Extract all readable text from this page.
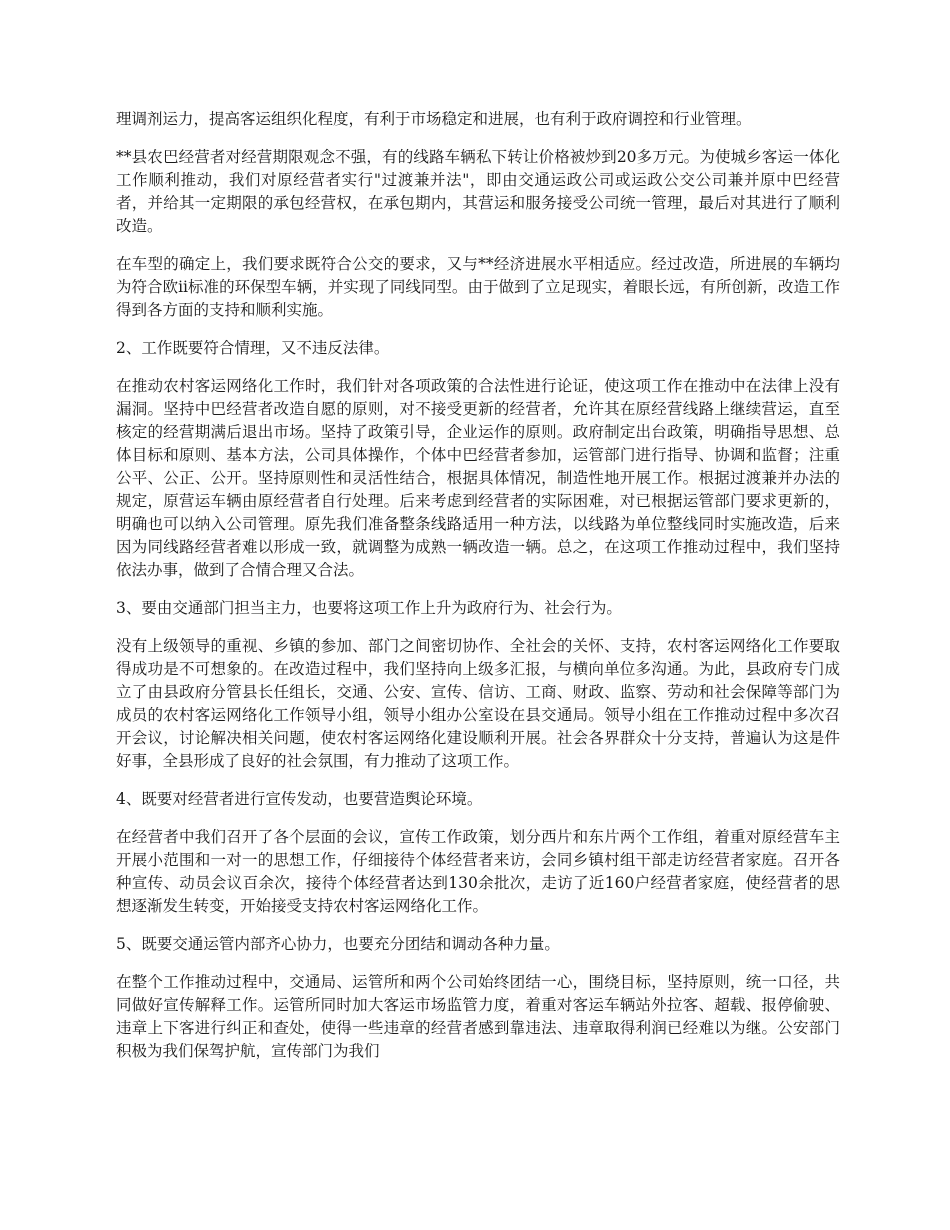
理调剂运力，提高客运组织化程度，有利于市场稳定和进展，也有利于政府调控和行业管理。

**县农巴经营者对经营期限观念不强，有的线路车辆私下转让价格被炒到20多万元。为使城乡客运一体化工作顺利推动，我们对原经营者实行"过渡兼并法"，即由交通运政公司或运政公交公司兼并原中巴经营者，并给其一定期限的承包经营权，在承包期内，其营运和服务接受公司统一管理，最后对其进行了顺利改造。

在车型的确定上，我们要求既符合公交的要求，又与**经济进展水平相适应。经过改造，所进展的车辆均为符合欧ii标准的环保型车辆，并实现了同线同型。由于做到了立足现实，着眼长远，有所创新，改造工作得到各方面的支持和顺利实施。

2、工作既要符合情理，又不违反法律。

在推动农村客运网络化工作时，我们针对各项政策的合法性进行论证，使这项工作在推动中在法律上没有漏洞。坚持中巴经营者改造自愿的原则，对不接受更新的经营者，允许其在原经营线路上继续营运，直至核定的经营期满后退出市场。坚持了政策引导，企业运作的原则。政府制定出台政策，明确指导思想、总体目标和原则、基本方法，公司具体操作，个体中巴经营者参加，运管部门进行指导、协调和监督；注重公平、公正、公开。坚持原则性和灵活性结合，根据具体情况，制造性地开展工作。根据过渡兼并办法的规定，原营运车辆由原经营者自行处理。后来考虑到经营者的实际困难，对已根据运管部门要求更新的，明确也可以纳入公司管理。原先我们准备整条线路适用一种方法，以线路为单位整线同时实施改造，后来因为同线路经营者难以形成一致，就调整为成熟一辆改造一辆。总之，在这项工作推动过程中，我们坚持依法办事，做到了合情合理又合法。

3、要由交通部门担当主力，也要将这项工作上升为政府行为、社会行为。

没有上级领导的重视、乡镇的参加、部门之间密切协作、全社会的关怀、支持，农村客运网络化工作要取得成功是不可想象的。在改造过程中，我们坚持向上级多汇报，与横向单位多沟通。为此，县政府专门成立了由县政府分管县长任组长，交通、公安、宣传、信访、工商、财政、监察、劳动和社会保障等部门为成员的农村客运网络化工作领导小组，领导小组办公室设在县交通局。领导小组在工作推动过程中多次召开会议，讨论解决相关问题，使农村客运网络化建设顺利开展。社会各界群众十分支持，普遍认为这是件好事，全县形成了良好的社会氛围，有力推动了这项工作。

4、既要对经营者进行宣传发动，也要营造舆论环境。

在经营者中我们召开了各个层面的会议，宣传工作政策，划分西片和东片两个工作组，着重对原经营车主开展小范围和一对一的思想工作，仔细接待个体经营者来访，会同乡镇村组干部走访经营者家庭。召开各种宣传、动员会议百余次，接待个体经营者达到130余批次，走访了近160户经营者家庭，使经营者的思想逐渐发生转变，开始接受支持农村客运网络化工作。

5、既要交通运管内部齐心协力，也要充分团结和调动各种力量。

在整个工作推动过程中，交通局、运管所和两个公司始终团结一心，围绕目标，坚持原则，统一口径，共同做好宣传解释工作。运管所同时加大客运市场监管力度，着重对客运车辆站外拉客、超载、报停偷驶、违章上下客进行纠正和查处，使得一些违章的经营者感到靠违法、违章取得利润已经难以为继。公安部门积极为我们保驾护航，宣传部门为我们
